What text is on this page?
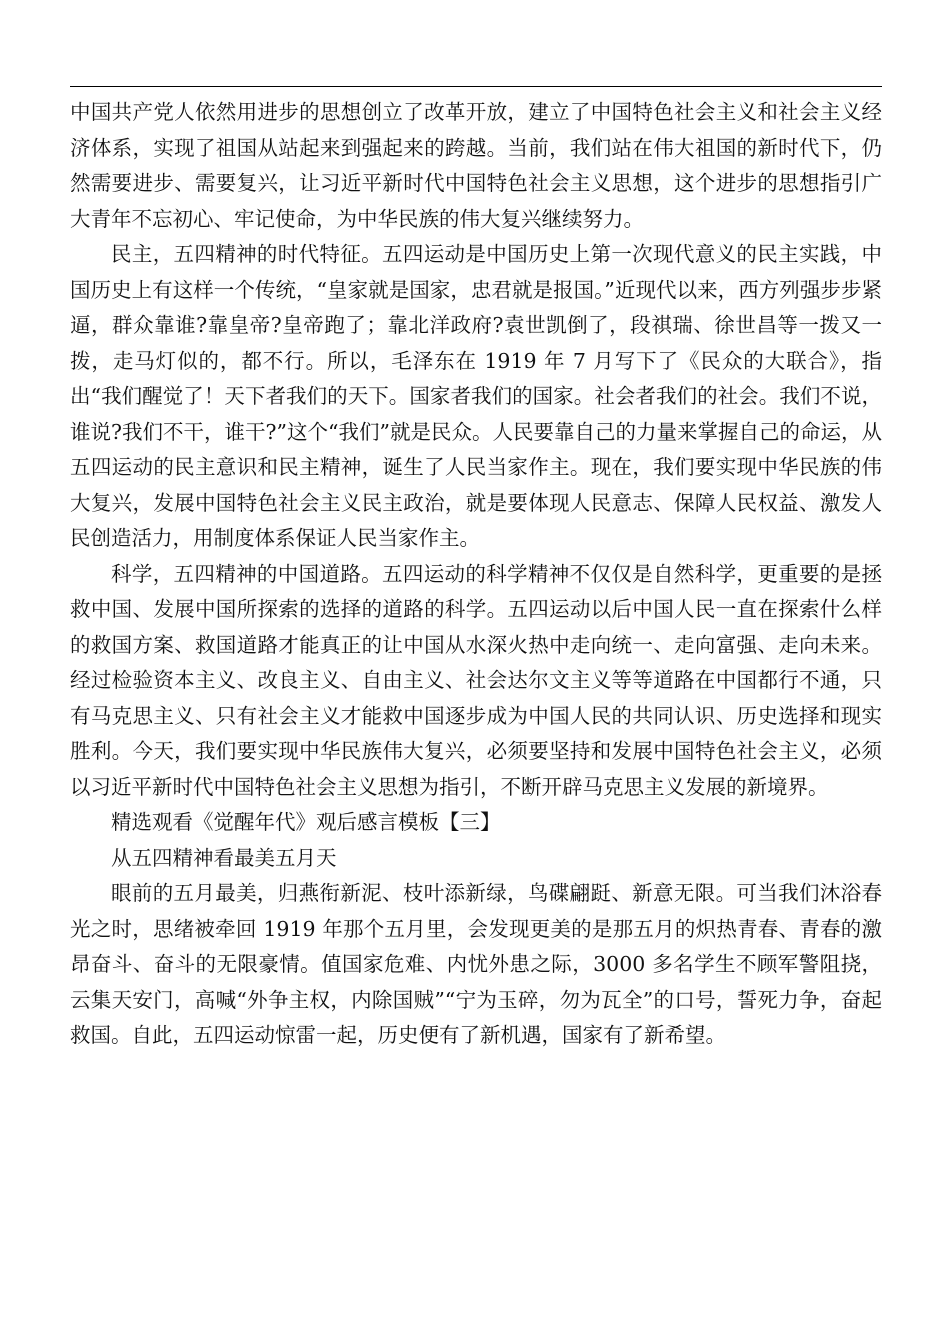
中国共产党人依然用进步的思想创立了改革开放，建立了中国特色社会主义和社会主义经济体系，实现了祖国从站起来到强起来的跨越。当前，我们站在伟大祖国的新时代下，仍然需要进步、需要复兴，让习近平新时代中国特色社会主义思想，这个进步的思想指引广大青年不忘初心、牢记使命，为中华民族的伟大复兴继续努力。

民主，五四精神的时代特征。五四运动是中国历史上第一次现代意义的民主实践，中国历史上有这样一个传统，“皇家就是国家，忠君就是报国。”近现代以来，西方列强步步紧逼，群众靠谁?靠皇帝?皇帝跑了；靠北洋政府?袁世凯倒了，段祺瑞、徐世昌等一拨又一拨，走马灯似的，都不行。所以，毛泽东在 1919 年 7 月写下了《民众的大联合》，指出“我们醒觉了！天下者我们的天下。国家者我们的国家。社会者我们的社会。我们不说，谁说?我们不干，谁干?”这个“我们”就是民众。人民要靠自己的力量来掌握自己的命运，从五四运动的民主意识和民主精神，诞生了人民当家作主。现在，我们要实现中华民族的伟大复兴，发展中国特色社会主义民主政治，就是要体现人民意志、保障人民权益、激发人民创造活力，用制度体系保证人民当家作主。

科学，五四精神的中国道路。五四运动的科学精神不仅仅是自然科学，更重要的是拯救中国、发展中国所探索的选择的道路的科学。五四运动以后中国人民一直在探索什么样的救国方案、救国道路才能真正的让中国从水深火热中走向统一、走向富强、走向未来。经过检验资本主义、改良主义、自由主义、社会达尔文主义等等道路在中国都行不通，只有马克思主义、只有社会主义才能救中国逐步成为中国人民的共同认识、历史选择和现实胜利。今天，我们要实现中华民族伟大复兴，必须要坚持和发展中国特色社会主义，必须以习近平新时代中国特色社会主义思想为指引，不断开辟马克思主义发展的新境界。

精选观看《觉醒年代》观后感言模板【三】

从五四精神看最美五月天

眼前的五月最美，归燕衔新泥、枝叶添新绿，鸟碟翩跹、新意无限。可当我们沐浴春光之时，思绪被牵回 1919 年那个五月里，会发现更美的是那五月的炽热青春、青春的激昂奋斗、奋斗的无限豪情。值国家危难、内忧外患之际，3000 多名学生不顾军警阻挠，云集天安门，高喊“外争主权，内除国贼”“宁为玉碎，勿为瓦全”的口号，誓死力争，奋起救国。自此，五四运动惊雷一起，历史便有了新机遇，国家有了新希望。
